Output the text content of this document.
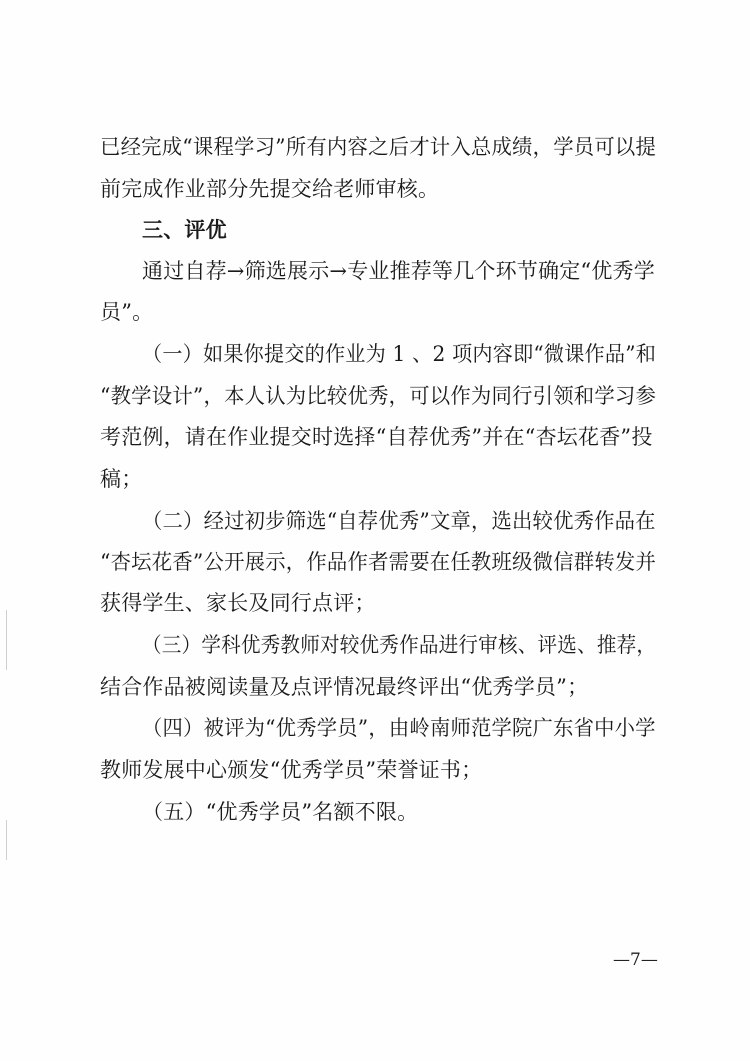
已经完成“课程学习”所有内容之后才计入总成绩，学员可以提
前完成作业部分先提交给老师审核。
三、评优
通过自荐→筛选展示→专业推荐等几个环节确定“优秀学
员”。
（一）如果你提交的作业为 1 、2 项内容即“微课作品”和
“教学设计”，本人认为比较优秀，可以作为同行引领和学习参
考范例，请在作业提交时选择“自荐优秀”并在“杏坛花香”投
稿；
（二）经过初步筛选“自荐优秀”文章，选出较优秀作品在
“杏坛花香”公开展示，作品作者需要在任教班级微信群转发并
获得学生、家长及同行点评；
（三）学科优秀教师对较优秀作品进行审核、评选、推荐，
结合作品被阅读量及点评情况最终评出“优秀学员”；
（四）被评为“优秀学员”，由岭南师范学院广东省中小学
教师发展中心颁发“优秀学员”荣誉证书；
（五）“优秀学员”名额不限。
—7—
